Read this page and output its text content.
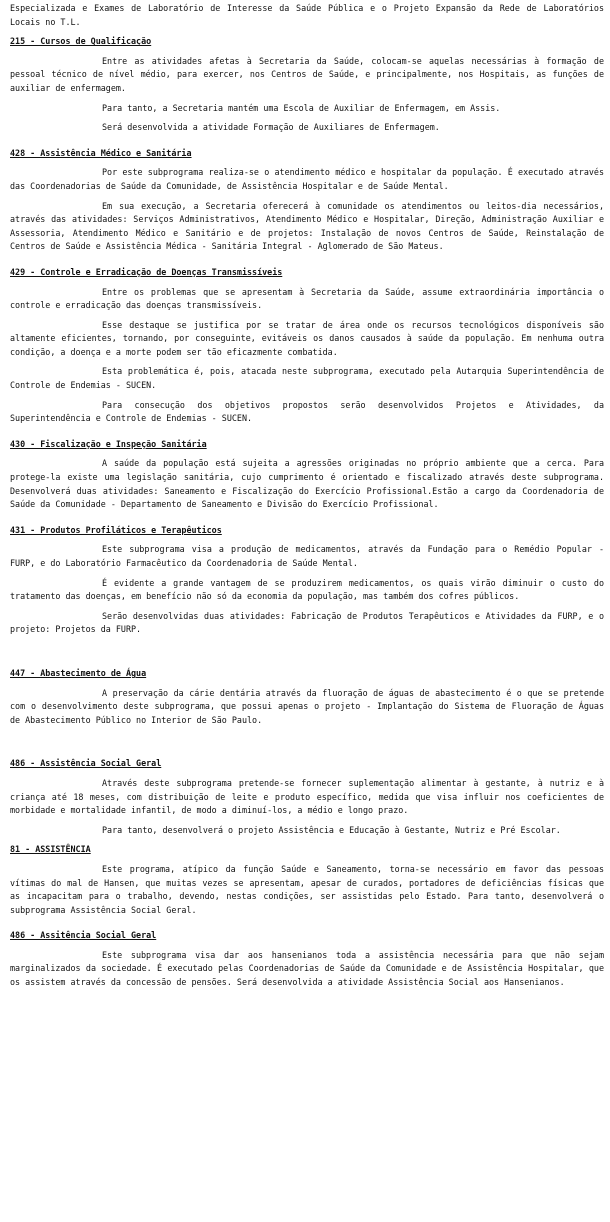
Especializada e Exames de Laboratório de Interesse da Saúde Pública e o Projeto Expansão da Rede de Laboratórios Locais no T.L.

215 - Cursos de Qualificação

Entre as atividades afetas à Secretaria da Saúde, colocam-se aquelas necessárias à formação de pessoal técnico de nível médio, para exercer, nos Centros de Saúde, e principalmente, nos Hospitais, as funções de auxiliar de enfermagem.

Para tanto, a Secretaria mantém uma Escola de Auxiliar de Enfermagem, em Assis.

Será desenvolvida a atividade Formação de Auxiliares de Enfermagem.

428 - Assistência Médico e Sanitária

Por este subprograma realiza-se o atendimento médico e hospitalar da população. É executado através das Coordenadorias de Saúde da Comunidade, de Assistência Hospitalar e de Saúde Mental.

Em sua execução, a Secretaria oferecerá à comunidade os atendimentos ou leitos-dia necessários, através das atividades: Serviços Administrativos, Atendimento Médico e Hospitalar, Direção, Administração Auxiliar e Assessoria, Atendimento Médico e Sanitário e de projetos: Instalação de novos Centros de Saúde, Reinstalação de Centros de Saúde e Assistência Médica - Sanitária Integral - Aglomerado de São Mateus.

429 - Controle e Erradicação de Doenças Transmissíveis

Entre os problemas que se apresentam à Secretaria da Saúde, assume extraordinária importância o controle e erradicação das doenças transmissíveis.

Esse destaque se justifica por se tratar de área onde os recursos tecnológicos disponíveis são altamente eficientes, tornando, por conseguinte, evitáveis os danos causados à saúde da população. Em nenhuma outra condição, a doença e a morte podem ser tão eficazmente combatida.

Esta problemática é, pois, atacada neste subprograma, executado pela Autarquia Superintendência de Controle de Endemias - SUCEN.

Para consecução dos objetivos propostos serão desenvolvidos Projetos e Atividades, da Superintendência e Controle de Endemias - SUCEN.

430 - Fiscalização e Inspeção Sanitária

A saúde da população está sujeita a agressões originadas no próprio ambiente que a cerca. Para protege-la existe uma legislação sanitária, cujo cumprimento é orientado e fiscalizado através deste subprograma. Desenvolverá duas atividades: Saneamento e Fiscalização do Exercício Profissional.Estão a cargo da Coordenadoria de Saúde da Comunidade - Departamento de Saneamento e Divisão do Exercício Profissional.

431 - Produtos Profiláticos e Terapêuticos

Este subprograma visa a produção de medicamentos, através da Fundação para o Remédio Popular - FURP, e do Laboratório Farmacêutico da Coordenadoria de Saúde Mental.

É evidente a grande vantagem de se produzirem medicamentos, os quais virão diminuir o custo do tratamento das doenças, em benefício não só da economia da população, mas também dos cofres públicos.

Serão desenvolvidas duas atividades: Fabricação de Produtos Terapêuticos e Atividades da FURP, e o projeto: Projetos da FURP.

447 - Abastecimento de Água

A preservação da cárie dentária através da fluoração de águas de abastecimento é o que se pretende com o desenvolvimento deste subprograma, que possui apenas o projeto - Implantação do Sistema de Fluoração de Águas de Abastecimento Público no Interior de São Paulo.

486 - Assistência Social Geral

Através deste subprograma pretende-se fornecer suplementação alimentar à gestante, à nutriz e à criança até 18 meses, com distribuição de leite e produto específico, medida que visa influir nos coeficientes de morbidade e mortalidade infantil, de modo a diminuí-los, a médio e longo prazo.

Para tanto, desenvolverá o projeto Assistência e Educação à Gestante, Nutriz e Pré Escolar.

81 - ASSISTÊNCIA

Este programa, atípico da função Saúde e Saneamento, torna-se necessário em favor das pessoas vítimas do mal de Hansen, que muitas vezes se apresentam, apesar de curados, portadores de deficiências físicas que as incapacitam para o trabalho, devendo, nestas condições, ser assistidas pelo Estado. Para tanto, desenvolverá o subprograma Assistência Social Geral.

486 - Assitência Social Geral

Este subprograma visa dar aos hansenianos toda a assistência necessária para que não sejam marginalizados da sociedade. É executado pelas Coordenadorias de Saúde da Comunidade e de Assistência Hospitalar, que os assistem através da concessão de pensões. Será desenvolvida a atividade Assistência Social aos Hansenianos.
